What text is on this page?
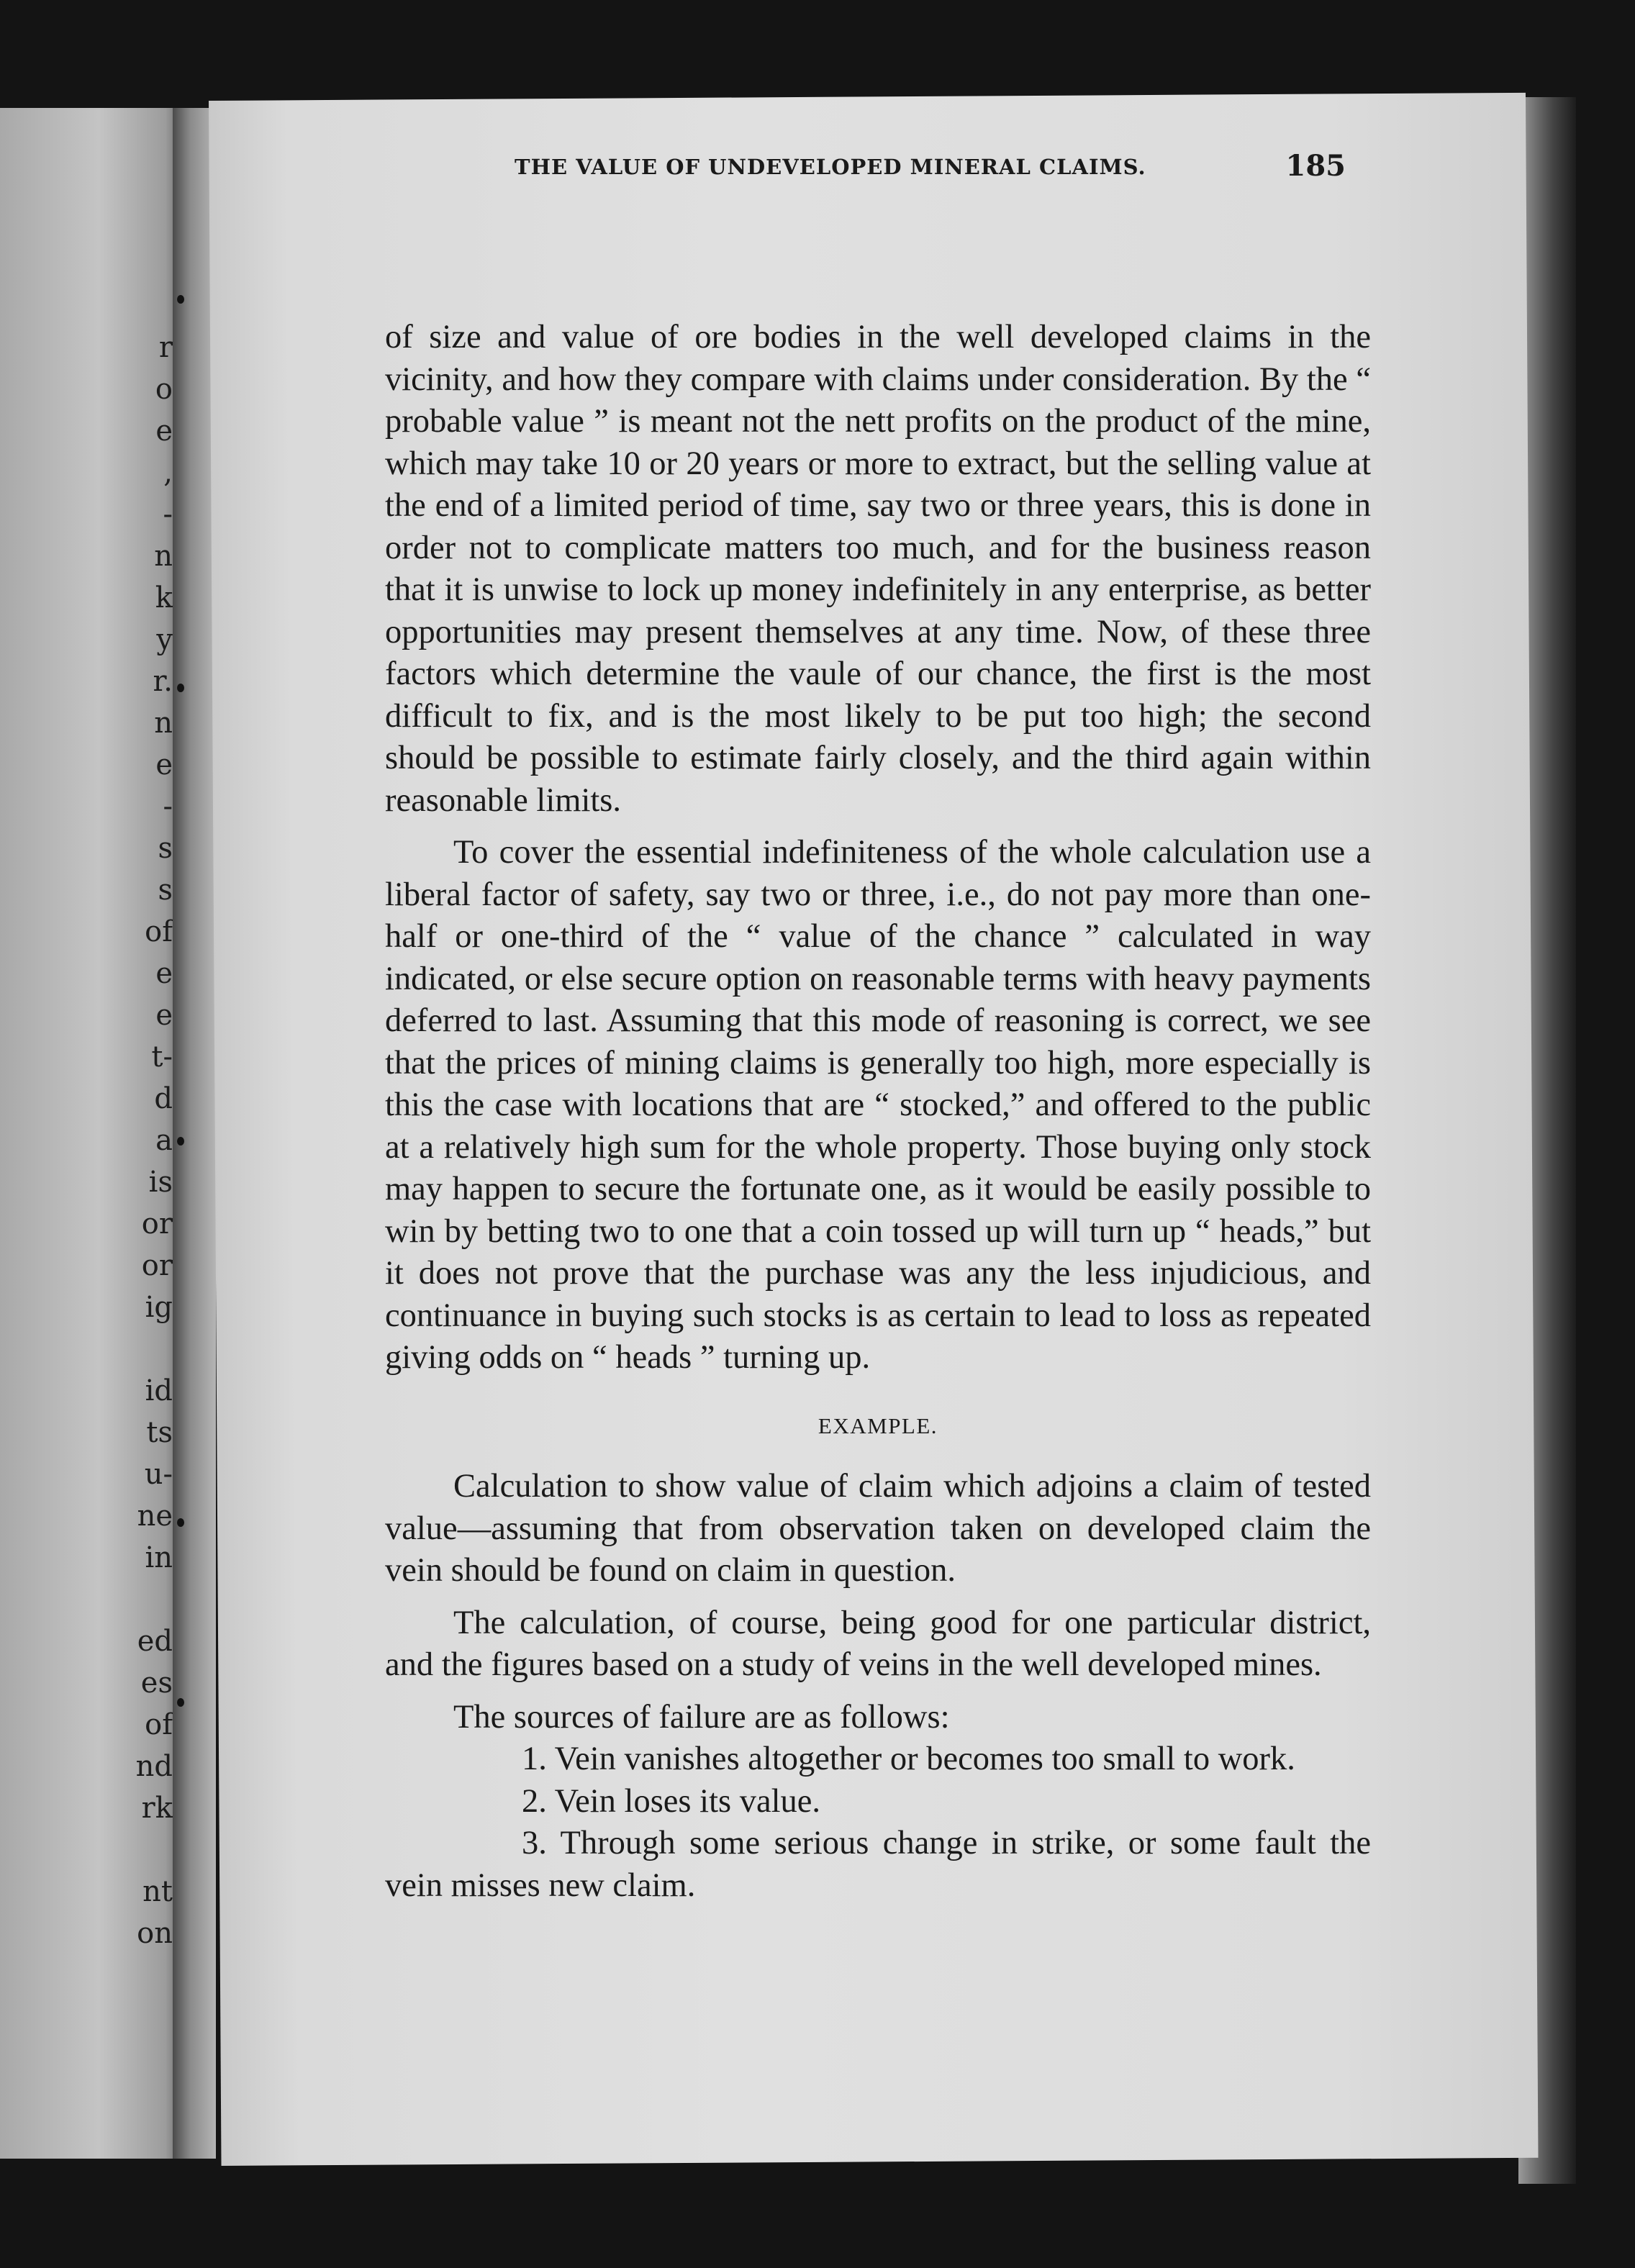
r
o
e
,
-
n
k
y
r.
n
e
-
s
s
of
e
e
t-
d
a
is
or
or
ig
id
ts
u-
ne
in
ed
es
of
nd
rk
nt
on
THE VALUE OF UNDEVELOPED MINERAL CLAIMS.	185

of size and value of ore bodies in the well developed claims in the vicinity, and how they compare with claims under consideration. By the “ probable value ” is meant not the nett profits on the product of the mine, which may take 10 or 20 years or more to extract, but the selling value at the end of a limited period of time, say two or three years, this is done in order not to complicate matters too much, and for the business reason that it is unwise to lock up money indefinitely in any enterprise, as better opportunities may present themselves at any time. Now, of these three factors which determine the vaule of our chance, the first is the most difficult to fix, and is the most likely to be put too high; the second should be possible to estimate fairly closely, and the third again within reasonable limits.

To cover the essential indefiniteness of the whole calculation use a liberal factor of safety, say two or three, i.e., do not pay more than one-half or one-third of the “ value of the chance ” calculated in way indicated, or else secure option on reasonable terms with heavy payments deferred to last. Assuming that this mode of reasoning is correct, we see that the prices of mining claims is generally too high, more especially is this the case with locations that are “ stocked,” and offered to the public at a relatively high sum for the whole property. Those buying only stock may happen to secure the fortunate one, as it would be easily possible to win by betting two to one that a coin tossed up will turn up “ heads,” but it does not prove that the purchase was any the less injudicious, and continuance in buying such stocks is as certain to lead to loss as repeated giving odds on “ heads ” turning up.

EXAMPLE.

Calculation to show value of claim which adjoins a claim of tested value—assuming that from observation taken on developed claim the vein should be found on claim in question.

The calculation, of course, being good for one particular district, and the figures based on a study of veins in the well developed mines.

The sources of failure are as follows:

1. Vein vanishes altogether or becomes too small to work.

2. Vein loses its value.

3. Through some serious change in strike, or some fault the vein misses new claim.
